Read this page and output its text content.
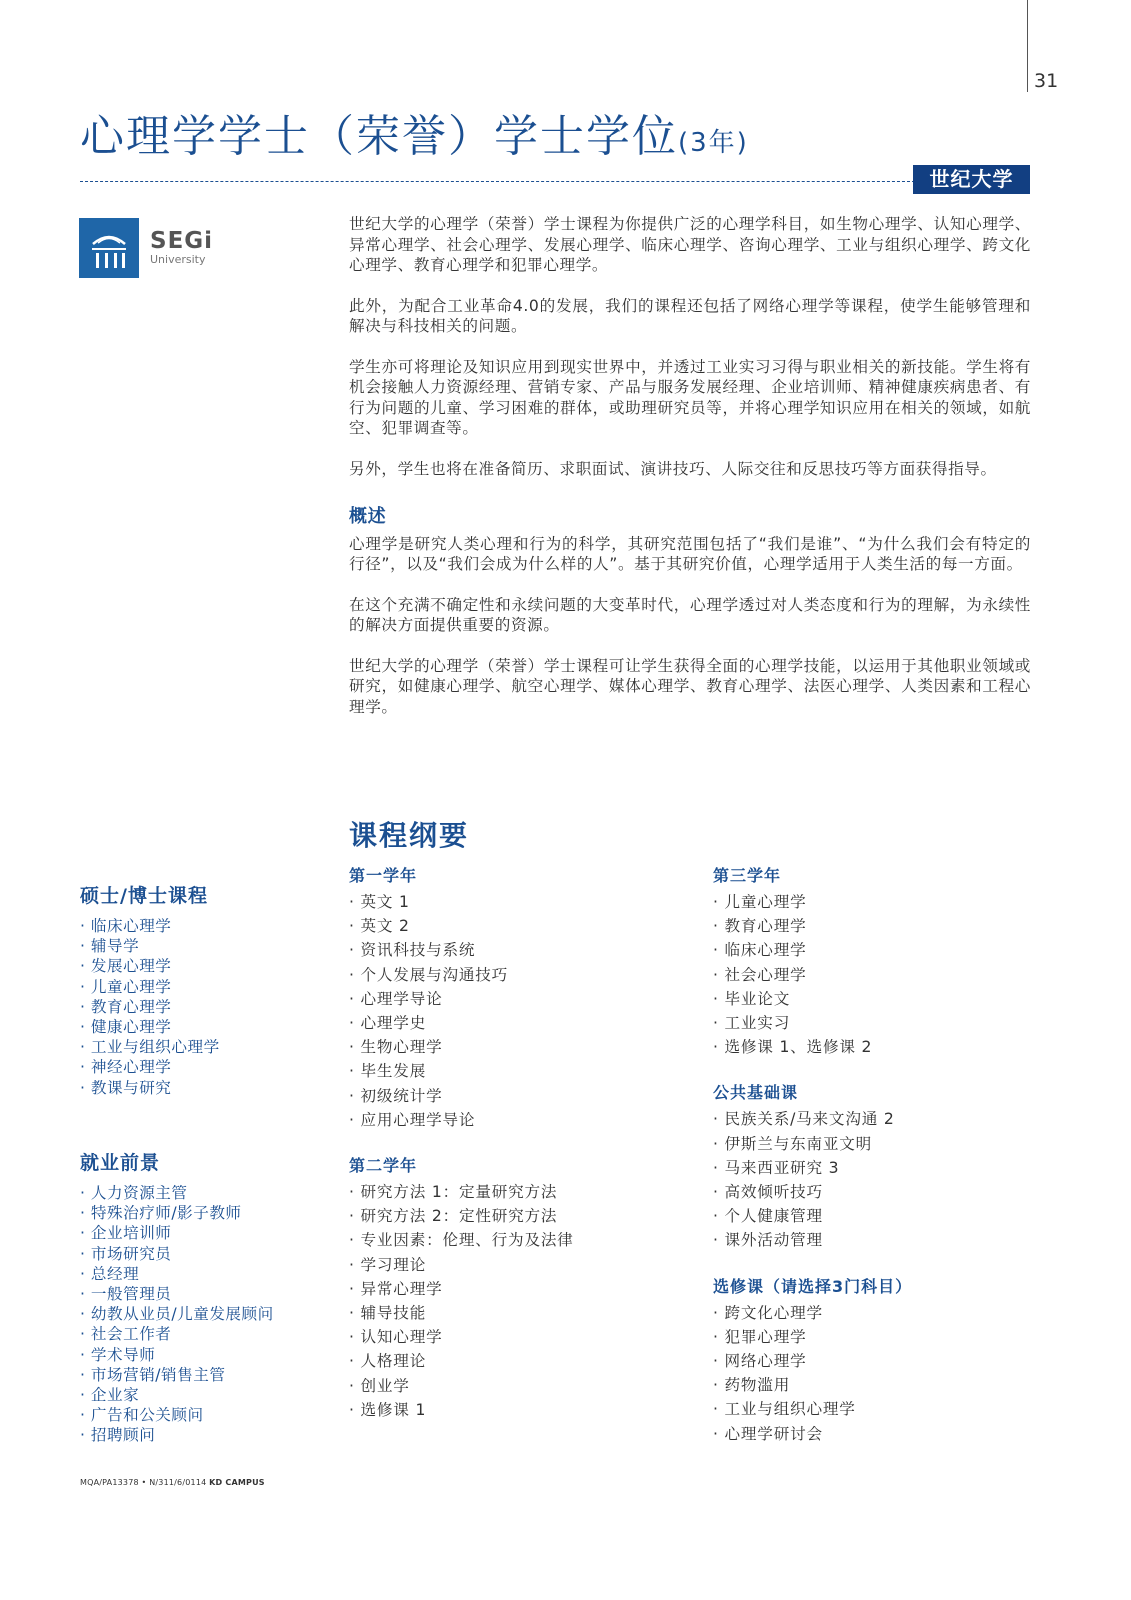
31
心理学学士（荣誉）学士学位(3年)
世纪大学
SEGi
University

世纪大学的心理学（荣誉）学士课程为你提供广泛的心理学科目，如生物心理学、认知心理学、异常心理学、社会心理学、发展心理学、临床心理学、咨询心理学、工业与组织心理学、跨文化心理学、教育心理学和犯罪心理学。

此外，为配合工业革命4.0的发展，我们的课程还包括了网络心理学等课程，使学生能够管理和解决与科技相关的问题。

学生亦可将理论及知识应用到现实世界中，并透过工业实习习得与职业相关的新技能。学生将有机会接触人力资源经理、营销专家、产品与服务发展经理、企业培训师、精神健康疾病患者、有行为问题的儿童、学习困难的群体，或助理研究员等，并将心理学知识应用在相关的领域，如航空、犯罪调查等。

另外，学生也将在准备简历、求职面试、演讲技巧、人际交往和反思技巧等方面获得指导。

概述

心理学是研究人类心理和行为的科学，其研究范围包括了“我们是谁”、“为什么我们会有特定的行径”，以及“我们会成为什么样的人”。基于其研究价值，心理学适用于人类生活的每一方面。

在这个充满不确定性和永续问题的大变革时代，心理学透过对人类态度和行为的理解，为永续性的解决方面提供重要的资源。

世纪大学的心理学（荣誉）学士课程可让学生获得全面的心理学技能，以运用于其他职业领域或研究，如健康心理学、航空心理学、媒体心理学、教育心理学、法医心理学、人类因素和工程心理学。

课程纲要
第一学年
· 英文 1
· 英文 2
· 资讯科技与系统
· 个人发展与沟通技巧
· 心理学导论
· 心理学史
· 生物心理学
· 毕生发展
· 初级统计学
· 应用心理学导论
第二学年
· 研究方法 1：定量研究方法
· 研究方法 2：定性研究方法
· 专业因素：伦理、行为及法律
· 学习理论
· 异常心理学
· 辅导技能
· 认知心理学
· 人格理论
· 创业学
· 选修课 1
第三学年
· 儿童心理学
· 教育心理学
· 临床心理学
· 社会心理学
· 毕业论文
· 工业实习
· 选修课 1、选修课 2
公共基础课
· 民族关系/马来文沟通 2
· 伊斯兰与东南亚文明
· 马来西亚研究 3
· 高效倾听技巧
· 个人健康管理
· 课外活动管理
选修课（请选择3门科目）
· 跨文化心理学
· 犯罪心理学
· 网络心理学
· 药物滥用
· 工业与组织心理学
· 心理学研讨会
硕士/博士课程
· 临床心理学
· 辅导学
· 发展心理学
· 儿童心理学
· 教育心理学
· 健康心理学
· 工业与组织心理学
· 神经心理学
· 教课与研究
就业前景
· 人力资源主管
· 特殊治疗师/影子教师
· 企业培训师
· 市场研究员
· 总经理
· 一般管理员
· 幼教从业员/儿童发展顾问
· 社会工作者
· 学术导师
· 市场营销/销售主管
· 企业家
· 广告和公关顾问
· 招聘顾问
MQA/PA13378 • N/311/6/0114 KD CAMPUS
